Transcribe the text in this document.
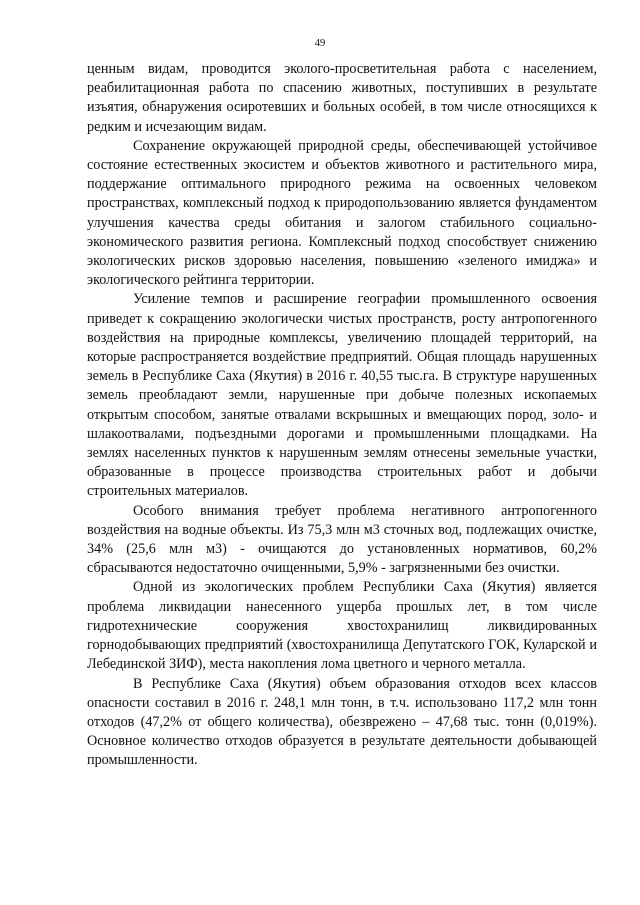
49

ценным видам, проводится эколого-просветительная работа с населением, реабилитационная работа по спасению животных, поступивших в результате изъятия, обнаружения осиротевших и больных особей, в том числе относящихся к редким и исчезающим видам.

Сохранение окружающей природной среды, обеспечивающей устойчивое состояние естественных экосистем и объектов животного и растительного мира, поддержание оптимального природного режима на освоенных человеком пространствах, комплексный подход к природопользованию является фундаментом улучшения качества среды обитания и залогом стабильного социально-экономического развития региона. Комплексный подход способствует снижению экологических рисков здоровью населения, повышению «зеленого имиджа» и экологического рейтинга территории.

Усиление темпов и расширение географии промышленного освоения приведет к сокращению экологически чистых пространств, росту антропогенного воздействия на природные комплексы, увеличению площадей территорий, на которые распространяется воздействие предприятий. Общая площадь нарушенных земель в Республике Саха (Якутия) в 2016 г. 40,55 тыс.га. В структуре нарушенных земель преобладают земли, нарушенные при добыче полезных ископаемых открытым способом, занятые отвалами вскрышных и вмещающих пород, золо- и шлакоотвалами, подъездными дорогами и промышленными площадками. На землях населенных пунктов к нарушенным землям отнесены земельные участки, образованные в процессе производства строительных работ и добычи строительных материалов.

Особого внимания требует проблема негативного антропогенного воздействия на водные объекты. Из 75,3 млн м3 сточных вод, подлежащих очистке, 34% (25,6 млн м3) - очищаются до установленных нормативов, 60,2% сбрасываются недостаточно очищенными, 5,9% - загрязненными без очистки.

Одной из экологических проблем Республики Саха (Якутия) является проблема ликвидации нанесенного ущерба прошлых лет, в том числе гидротехнические сооружения хвостохранилищ ликвидированных горнодобывающих предприятий (хвостохранилища Депутатского ГОК, Куларской и Лебединской ЗИФ), места накопления лома цветного и черного металла.

В Республике Саха (Якутия) объем образования отходов всех классов опасности составил в 2016 г. 248,1 млн тонн, в т.ч. использовано 117,2 млн тонн отходов (47,2% от общего количества), обезврежено – 47,68 тыс. тонн (0,019%). Основное количество отходов образуется в результате деятельности добывающей промышленности.
